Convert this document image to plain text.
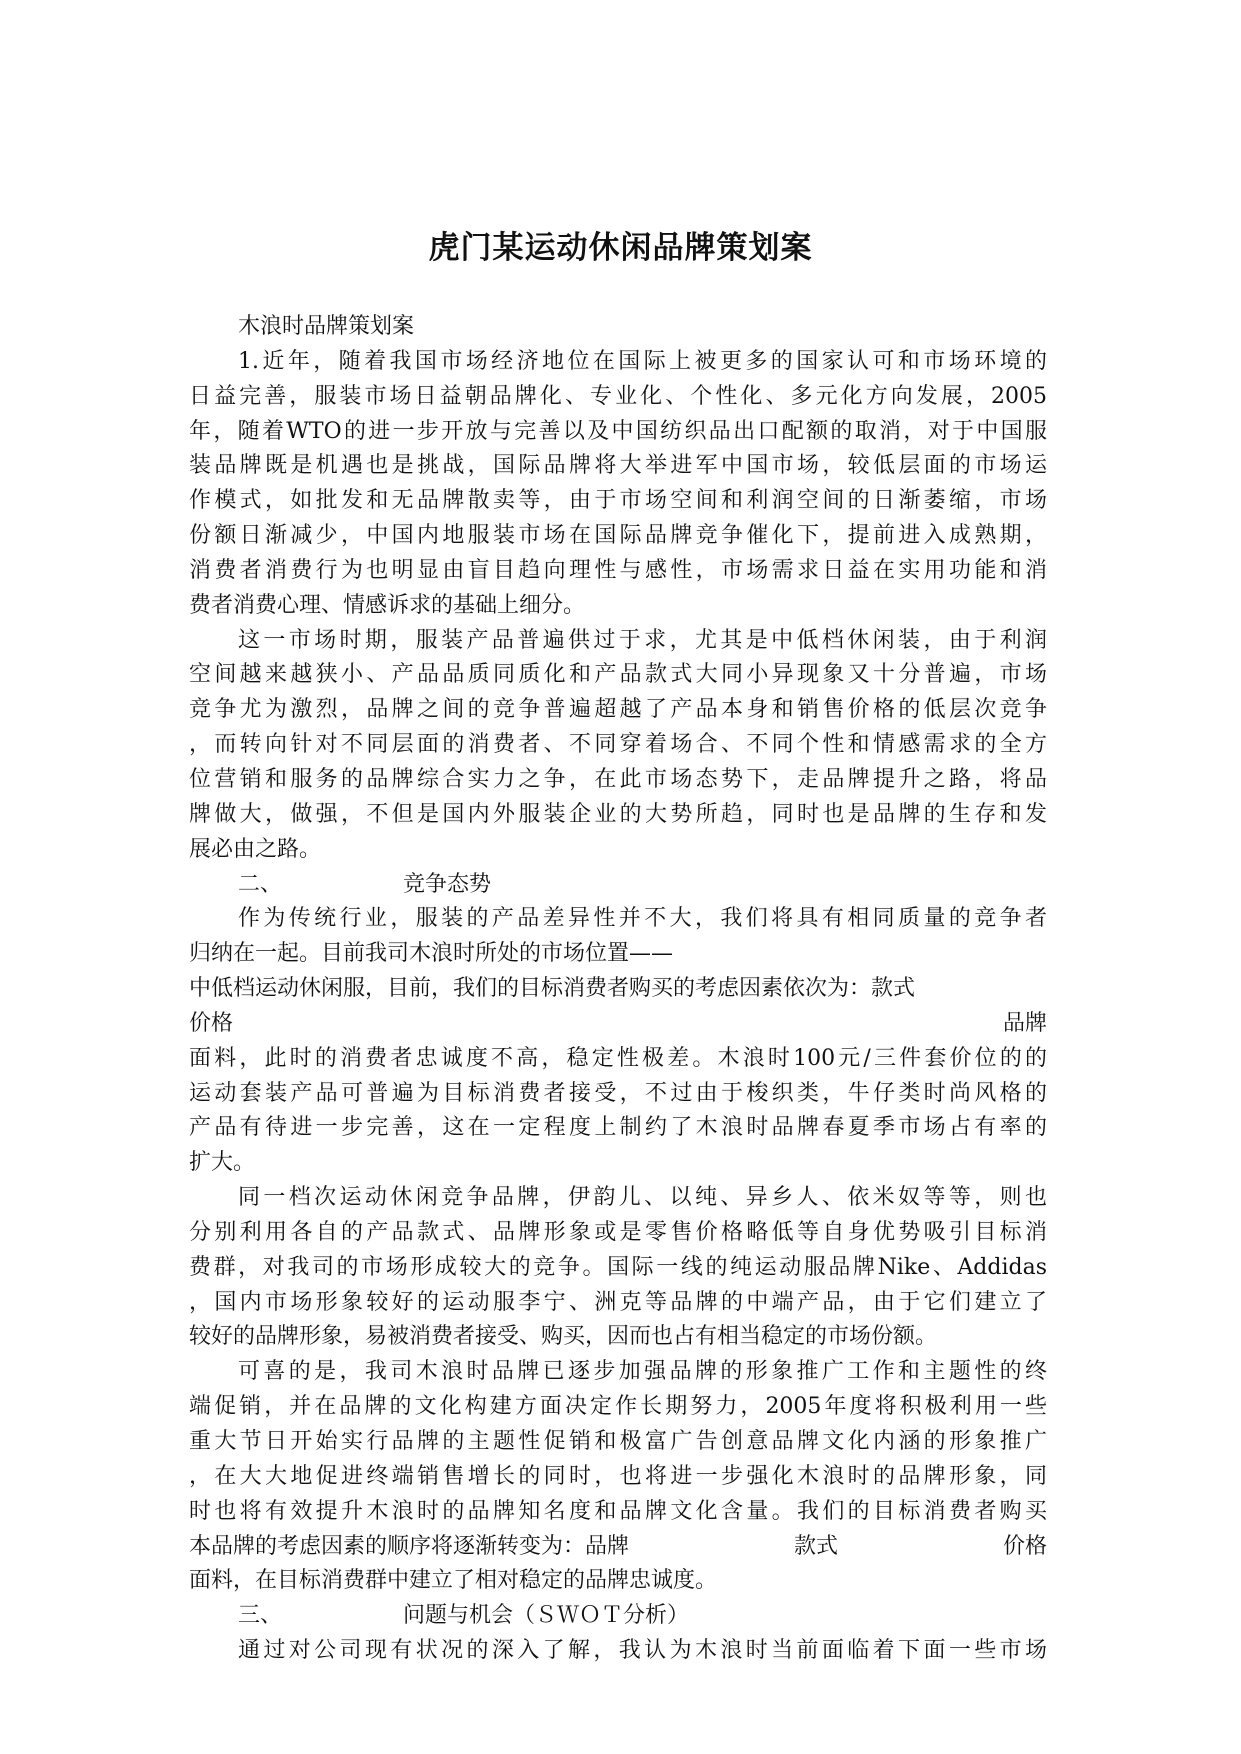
虎门某运动休闲品牌策划案
木浪时品牌策划案
1.近年，随着我国市场经济地位在国际上被更多的国家认可和市场环境的
日益完善，服装市场日益朝品牌化、专业化、个性化、多元化方向发展，2005
年，随着WTO的进一步开放与完善以及中国纺织品出口配额的取消，对于中国服
装品牌既是机遇也是挑战，国际品牌将大举进军中国市场，较低层面的市场运
作模式，如批发和无品牌散卖等，由于市场空间和利润空间的日渐萎缩，市场
份额日渐减少，中国内地服装市场在国际品牌竞争催化下，提前进入成熟期，
消费者消费行为也明显由盲目趋向理性与感性，市场需求日益在实用功能和消
费者消费心理、情感诉求的基础上细分。
这一市场时期，服装产品普遍供过于求，尤其是中低档休闲装，由于利润
空间越来越狭小、产品品质同质化和产品款式大同小异现象又十分普遍，市场
竞争尤为激烈，品牌之间的竞争普遍超越了产品本身和销售价格的低层次竞争
，而转向针对不同层面的消费者、不同穿着场合、不同个性和情感需求的全方
位营销和服务的品牌综合实力之争，在此市场态势下，走品牌提升之路，将品
牌做大，做强，不但是国内外服装企业的大势所趋，同时也是品牌的生存和发
展必由之路。
二、	竞争态势
作为传统行业，服装的产品差异性并不大，我们将具有相同质量的竞争者
归纳在一起。目前我司木浪时所处的市场位置——
中低档运动休闲服，目前，我们的目标消费者购买的考虑因素依次为：款式
价格	品牌
面料，此时的消费者忠诚度不高，稳定性极差。木浪时100元/三件套价位的的
运动套装产品可普遍为目标消费者接受，不过由于梭织类，牛仔类时尚风格的
产品有待进一步完善，这在一定程度上制约了木浪时品牌春夏季市场占有率的
扩大。
同一档次运动休闲竞争品牌，伊韵儿、以纯、异乡人、依米奴等等，则也
分别利用各自的产品款式、品牌形象或是零售价格略低等自身优势吸引目标消
费群，对我司的市场形成较大的竞争。国际一线的纯运动服品牌Nike、Addidas
，国内市场形象较好的运动服李宁、洲克等品牌的中端产品，由于它们建立了
较好的品牌形象，易被消费者接受、购买，因而也占有相当稳定的市场份额。
可喜的是，我司木浪时品牌已逐步加强品牌的形象推广工作和主题性的终
端促销，并在品牌的文化构建方面决定作长期努力，2005年度将积极利用一些
重大节日开始实行品牌的主题性促销和极富广告创意品牌文化内涵的形象推广
，在大大地促进终端销售增长的同时，也将进一步强化木浪时的品牌形象，同
时也将有效提升木浪时的品牌知名度和品牌文化含量。我们的目标消费者购买
本品牌的考虑因素的顺序将逐渐转变为：品牌	款式	价格
面料，在目标消费群中建立了相对稳定的品牌忠诚度。
三、	问题与机会（ＳＷＯＴ分析）
通过对公司现有状况的深入了解，我认为木浪时当前面临着下面一些市场
